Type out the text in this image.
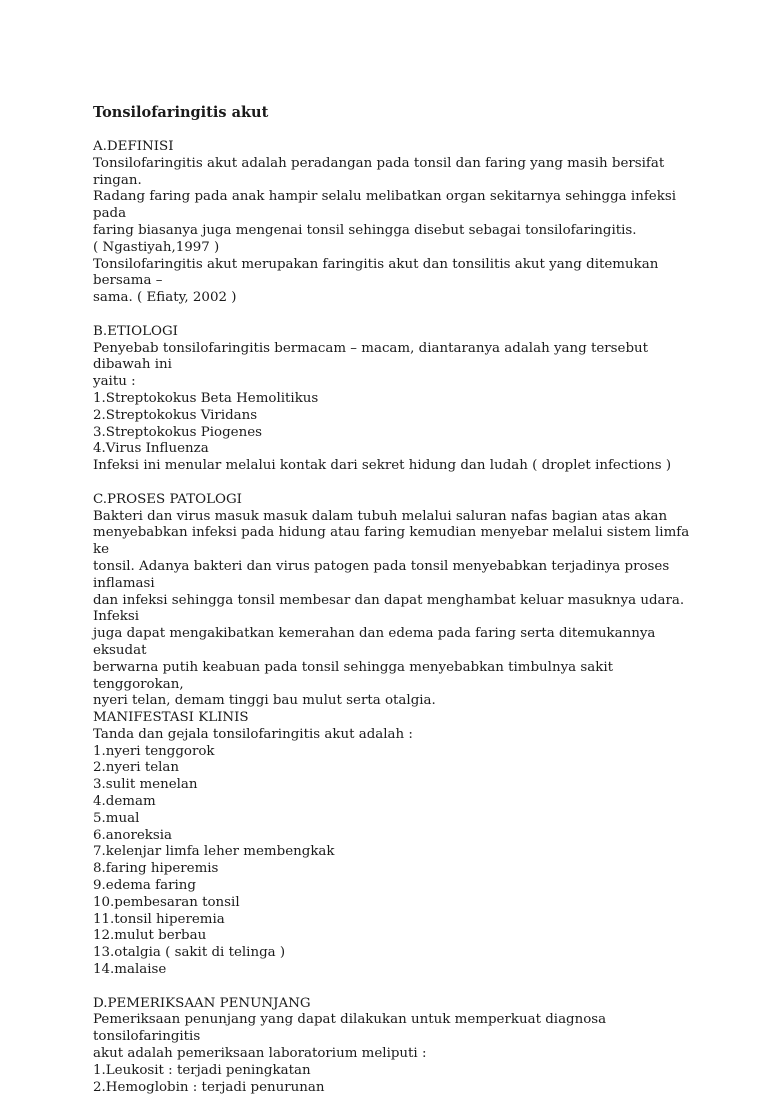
Tonsilofaringitis akut
A.DEFINISI
Tonsilofaringitis akut adalah peradangan pada tonsil dan faring yang masih bersifat ringan.
Radang faring pada anak hampir selalu melibatkan organ sekitarnya sehingga infeksi pada
faring biasanya juga mengenai tonsil sehingga disebut sebagai tonsilofaringitis.
( Ngastiyah,1997 )
Tonsilofaringitis akut merupakan faringitis akut dan tonsilitis akut yang ditemukan bersama –
sama. ( Efiaty, 2002 )
B.ETIOLOGI
Penyebab tonsilofaringitis bermacam – macam, diantaranya adalah yang tersebut dibawah ini
yaitu :
1.Streptokokus Beta Hemolitikus
2.Streptokokus Viridans
3.Streptokokus Piogenes
4.Virus Influenza
Infeksi ini menular melalui kontak dari sekret hidung dan ludah ( droplet infections )
C.PROSES PATOLOGI
Bakteri dan virus masuk masuk dalam tubuh melalui saluran nafas bagian atas akan
menyebabkan infeksi pada hidung atau faring kemudian menyebar melalui sistem limfa ke
tonsil. Adanya bakteri dan virus patogen pada tonsil menyebabkan terjadinya proses inflamasi
dan infeksi sehingga tonsil membesar dan dapat menghambat keluar masuknya udara. Infeksi
juga dapat mengakibatkan kemerahan dan edema pada faring serta ditemukannya eksudat
berwarna putih keabuan pada tonsil sehingga menyebabkan timbulnya sakit tenggorokan,
nyeri telan, demam tinggi bau mulut serta otalgia.
MANIFESTASI KLINIS
Tanda dan gejala tonsilofaringitis akut adalah :
1.nyeri tenggorok
2.nyeri telan
3.sulit menelan
4.demam
5.mual
6.anoreksia
7.kelenjar limfa leher membengkak
8.faring hiperemis
9.edema faring
10.pembesaran tonsil
11.tonsil hiperemia
12.mulut berbau
13.otalgia ( sakit di telinga )
14.malaise
D.PEMERIKSAAN PENUNJANG
Pemeriksaan penunjang yang dapat dilakukan untuk memperkuat diagnosa tonsilofaringitis
akut adalah pemeriksaan laboratorium meliputi :
1.Leukosit : terjadi peningkatan
2.Hemoglobin : terjadi penurunan
